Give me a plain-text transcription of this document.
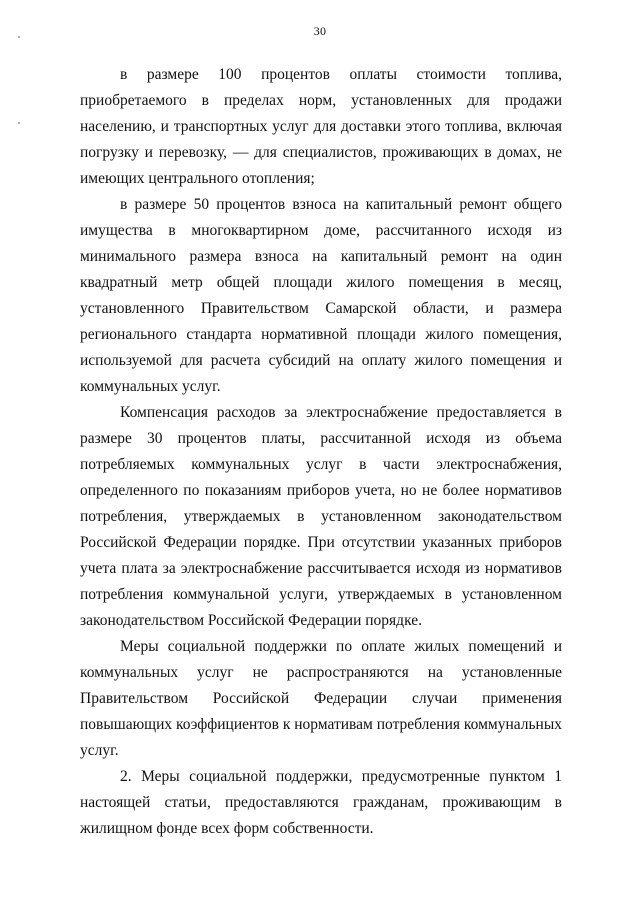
30

в размере 100 процентов оплаты стоимости топлива, приобретаемого в пределах норм, установленных для продажи населению, и транспортных услуг для доставки этого топлива, включая погрузку и перевозку, — для специалистов, проживающих в домах, не имеющих центрального отопления;

в размере 50 процентов взноса на капитальный ремонт общего имущества в многоквартирном доме, рассчитанного исходя из минимального размера взноса на капитальный ремонт на один квадратный метр общей площади жилого помещения в месяц, установленного Правительством Самарской области, и размера регионального стандарта нормативной площади жилого помещения, используемой для расчета субсидий на оплату жилого помещения и коммунальных услуг.

Компенсация расходов за электроснабжение предоставляется в размере 30 процентов платы, рассчитанной исходя из объема потребляемых коммунальных услуг в части электроснабжения, определенного по показаниям приборов учета, но не более нормативов потребления, утверждаемых в установленном законодательством Российской Федерации порядке. При отсутствии указанных приборов учета плата за электроснабжение рассчитывается исходя из нормативов потребления коммунальной услуги, утверждаемых в установленном законодательством Российской Федерации порядке.

Меры социальной поддержки по оплате жилых помещений и коммунальных услуг не распространяются на установленные Правительством Российской Федерации случаи применения повышающих коэффициентов к нормативам потребления коммунальных услуг.

2. Меры социальной поддержки, предусмотренные пунктом 1 настоящей статьи, предоставляются гражданам, проживающим в жилищном фонде всех форм собственности.
